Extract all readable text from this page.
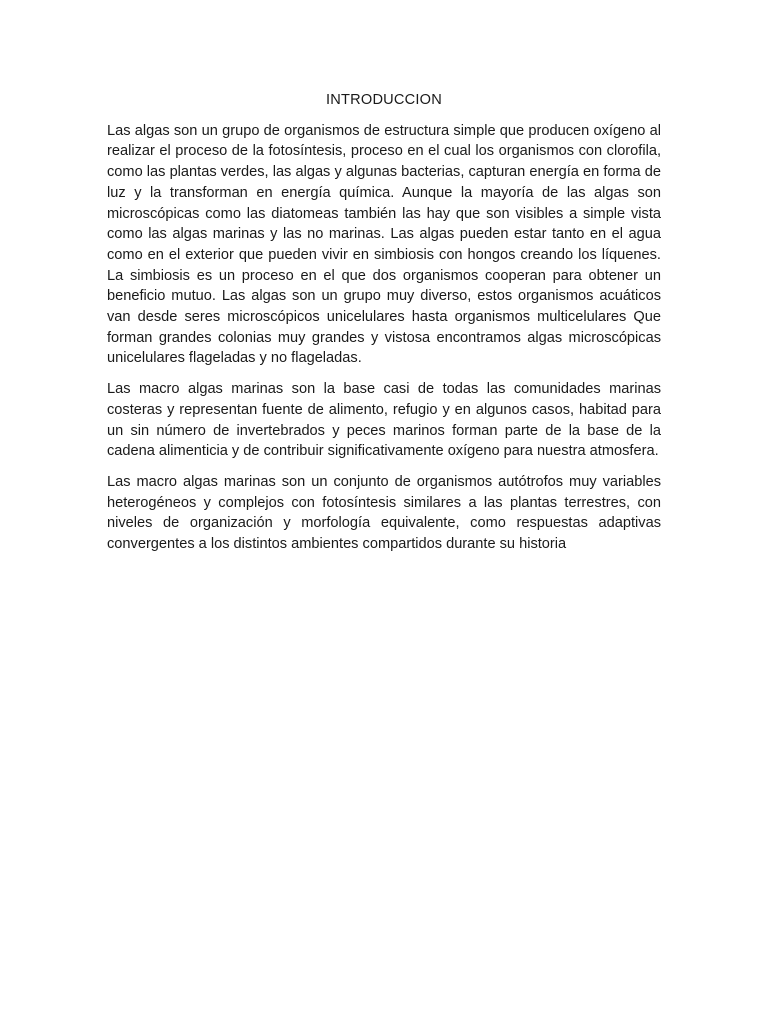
INTRODUCCION

Las algas son un grupo de organismos de estructura simple que producen oxígeno al realizar el proceso de la fotosíntesis, proceso en el cual los organismos con clorofila, como las plantas verdes, las algas y algunas bacterias, capturan energía en forma de luz y la transforman en energía química. Aunque la mayoría de las algas son microscópicas como las diatomeas también las hay que son visibles a simple vista como las algas marinas y las no marinas. Las algas pueden estar tanto en el agua como en el exterior que pueden vivir en simbiosis con hongos creando los líquenes. La simbiosis es un proceso en el que dos organismos cooperan para obtener un beneficio mutuo. Las algas son un grupo muy diverso, estos organismos acuáticos van desde seres microscópicos unicelulares hasta organismos multicelulares Que forman grandes colonias muy grandes y vistosa encontramos algas microscópicas unicelulares flageladas y no flageladas.

Las macro algas marinas son la base casi de todas las comunidades marinas costeras y representan fuente de alimento, refugio y en algunos casos, habitad para un sin número de invertebrados y peces marinos forman parte de la base de la cadena alimenticia y de contribuir significativamente oxígeno para nuestra atmosfera.

Las macro algas marinas son un conjunto de organismos autótrofos muy variables heterogéneos y complejos con fotosíntesis similares a las plantas terrestres, con niveles de organización y morfología equivalente, como respuestas adaptivas convergentes a los distintos ambientes compartidos durante su historia
